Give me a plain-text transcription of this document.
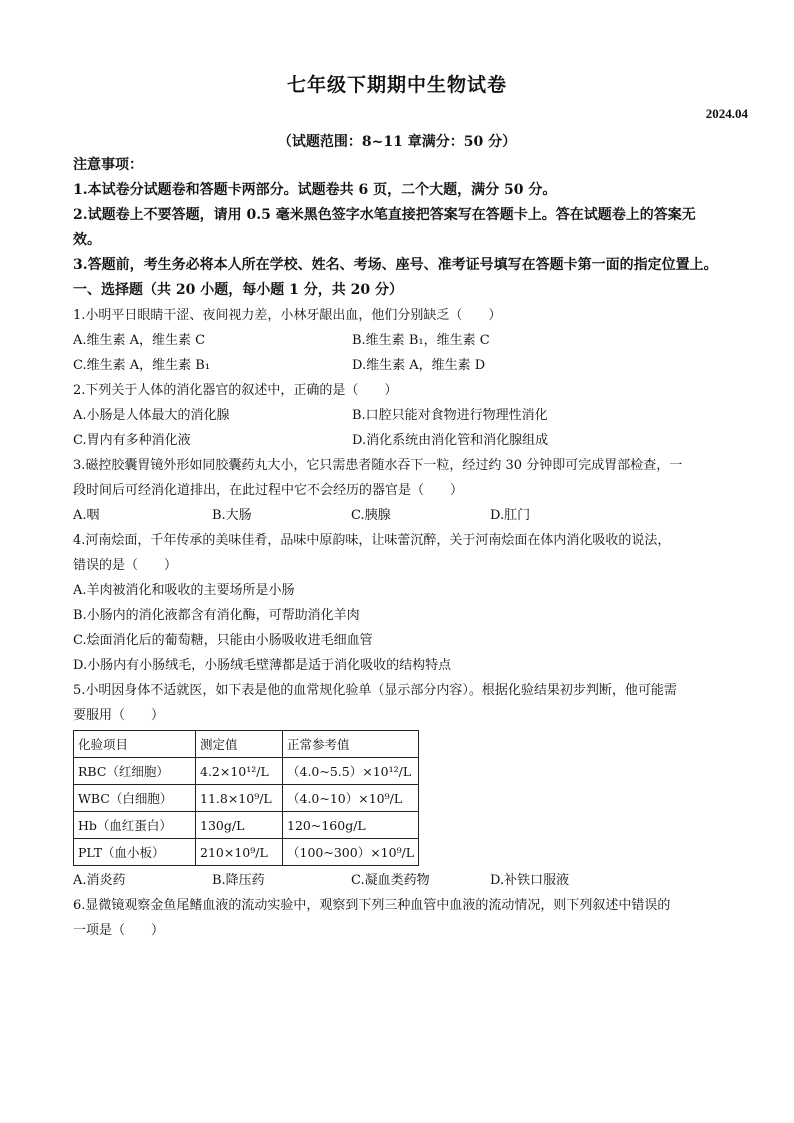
七年级下期期中生物试卷
2024.04
（试题范围：8~11 章满分：50 分）
注意事项：
1.本试卷分试题卷和答题卡两部分。试题卷共 6 页，二个大题，满分 50 分。
2.试题卷上不要答题，请用 0.5 毫米黑色签字水笔直接把答案写在答题卡上。答在试题卷上的答案无效。
3.答题前，考生务必将本人所在学校、姓名、考场、座号、准考证号填写在答题卡第一面的指定位置上。
一、选择题（共 20 小题，每小题 1 分，共 20 分）
1.小明平日眼睛干涩、夜间视力差，小林牙龈出血，他们分别缺乏（　　）
A.维生素 A，维生素 C	B.维生素 B₁，维生素 C
C.维生素 A，维生素 B₁	D.维生素 A，维生素 D
2.下列关于人体的消化器官的叙述中，正确的是（　　）
A.小肠是人体最大的消化腺	B.口腔只能对食物进行物理性消化
C.胃内有多种消化液	D.消化系统由消化管和消化腺组成
3.磁控胶囊胃镜外形如同胶囊药丸大小，它只需患者随水吞下一粒，经过约 30 分钟即可完成胃部检查，一
段时间后可经消化道排出，在此过程中它不会经历的器官是（　　）
A.咽	B.大肠	C.胰腺	D.肛门
4.河南烩面，千年传承的美味佳肴，品味中原韵味，让味蕾沉醉，关于河南烩面在体内消化吸收的说法，
错误的是（　　）
A.羊肉被消化和吸收的主要场所是小肠
B.小肠内的消化液都含有消化酶，可帮助消化羊肉
C.烩面消化后的葡萄糖，只能由小肠吸收进毛细血管
D.小肠内有小肠绒毛，小肠绒毛壁薄都是适于消化吸收的结构特点
5.小明因身体不适就医，如下表是他的血常规化验单（显示部分内容）。根据化验结果初步判断，他可能需
要服用（　　）
化验项目	测定值	正常参考值
RBC（红细胞）	4.2×10¹²/L	（4.0~5.5）×10¹²/L
WBC（白细胞）	11.8×10⁹/L	（4.0~10）×10⁹/L
Hb（血红蛋白）	130g/L	120~160g/L
PLT（血小板）	210×10⁹/L	（100~300）×10⁹/L
A.消炎药	B.降压药	C.凝血类药物	D.补铁口服液
6.显微镜观察金鱼尾鳍血液的流动实验中，观察到下列三种血管中血液的流动情况，则下列叙述中错误的
一项是（　　）
